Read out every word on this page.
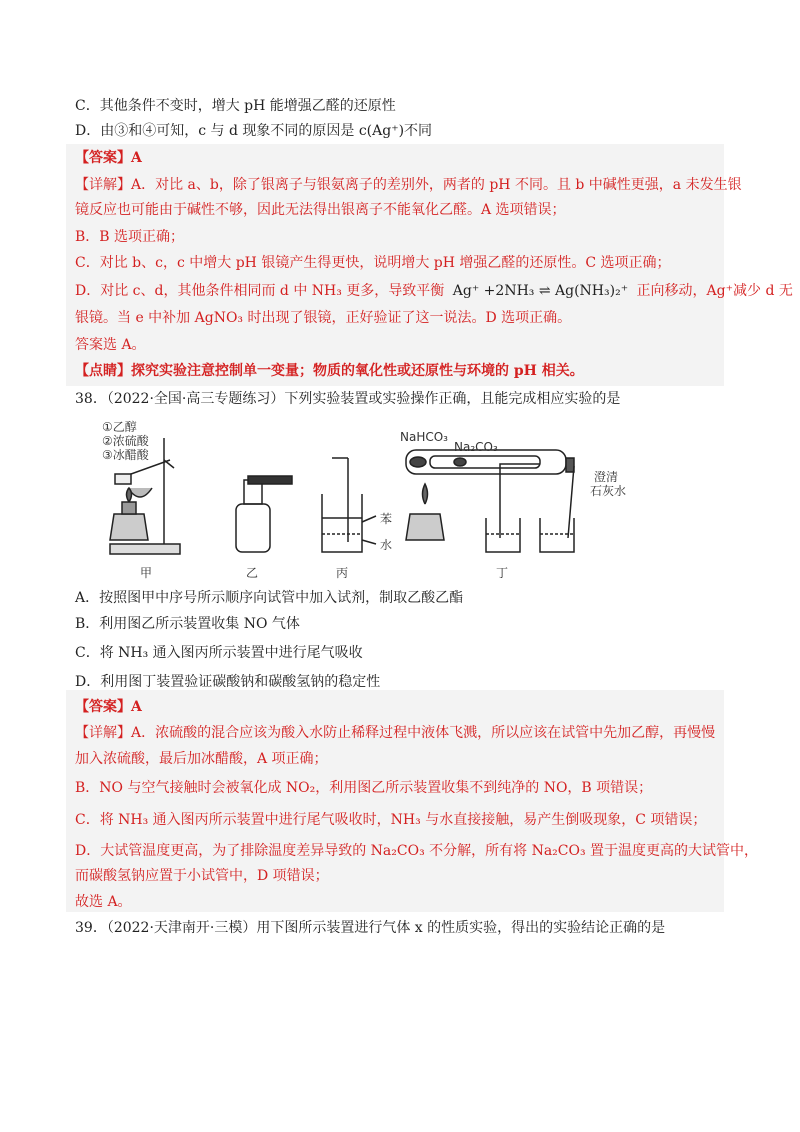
C．其他条件不变时，增大 pH 能增强乙醛的还原性
D．由③和④可知，c 与 d 现象不同的原因是 c(Ag⁺)不同
【答案】A
【详解】A．对比 a、b，除了银离子与银氨离子的差别外，两者的 pH 不同。且 b 中碱性更强，a 未发生银
镜反应也可能由于碱性不够，因此无法得出银离子不能氧化乙醛。A 选项错误；
B．B 选项正确；
C．对比 b、c，c 中增大 pH 银镜产生得更快，说明增大 pH 增强乙醛的还原性。C 选项正确；
D．对比 c、d，其他条件相同而 d 中 NH₃ 更多，导致平衡 Ag⁺ +2NH₃ ⇌ Ag(NH₃)₂⁺ 正向移动，Ag⁺减少 d 无
银镜。当 e 中补加 AgNO₃ 时出现了银镜，正好验证了这一说法。D 选项正确。
答案选 A。
【点睛】探究实验注意控制单一变量；物质的氧化性或还原性与环境的 pH 相关。
38．（2022·全国·高三专题练习）下列实验装置或实验操作正确，且能完成相应实验的是
①乙醇
②浓硫酸
③冰醋酸
苯
水
NaHCO₃
Na₂CO₃
澄清
石灰水
甲	乙	丙	丁
A．按照图甲中序号所示顺序向试管中加入试剂，制取乙酸乙酯
B．利用图乙所示装置收集 NO 气体
C．将 NH₃ 通入图丙所示装置中进行尾气吸收
D．利用图丁装置验证碳酸钠和碳酸氢钠的稳定性
【答案】A
【详解】A．浓硫酸的混合应该为酸入水防止稀释过程中液体飞溅，所以应该在试管中先加乙醇，再慢慢
加入浓硫酸，最后加冰醋酸，A 项正确；
B．NO 与空气接触时会被氧化成 NO₂，利用图乙所示装置收集不到纯净的 NO，B 项错误；
C．将 NH₃ 通入图丙所示装置中进行尾气吸收时，NH₃ 与水直接接触，易产生倒吸现象，C 项错误；
D．大试管温度更高，为了排除温度差异导致的 Na₂CO₃ 不分解，所有将 Na₂CO₃ 置于温度更高的大试管中，
而碳酸氢钠应置于小试管中，D 项错误；
故选 A。
39．（2022·天津南开·三模）用下图所示装置进行气体 x 的性质实验，得出的实验结论正确的是
